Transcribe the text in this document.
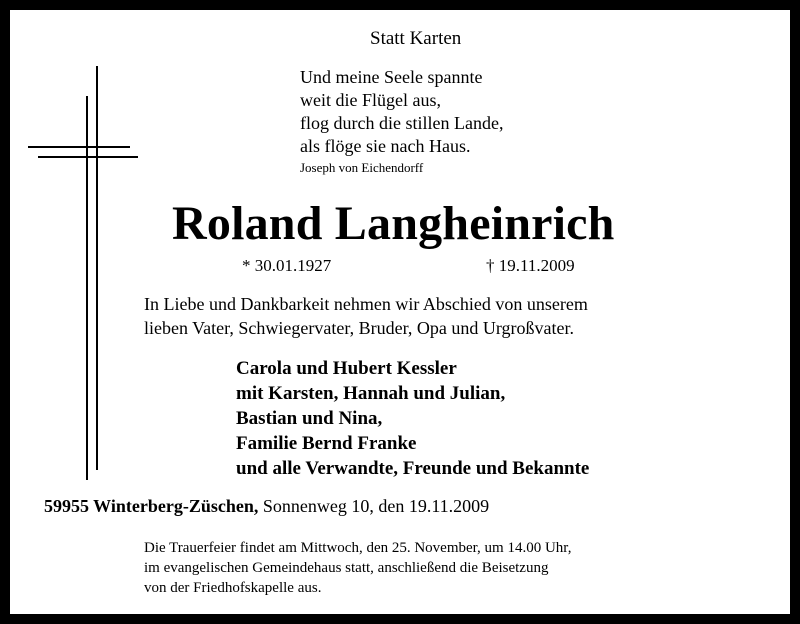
Statt Karten
Und meine Seele spannte
weit die Flügel aus,
flog durch die stillen Lande,
als flöge sie nach Haus.
Joseph von Eichendorff
Roland Langheinrich
* 30.01.1927	† 19.11.2009
In Liebe und Dankbarkeit nehmen wir Abschied von unserem
lieben Vater, Schwiegervater, Bruder, Opa und Urgroßvater.
Carola und Hubert Kessler
mit Karsten, Hannah und Julian,
Bastian und Nina,
Familie Bernd Franke
und alle Verwandte, Freunde und Bekannte
59955 Winterberg-Züschen, Sonnenweg 10, den 19.11.2009
Die Trauerfeier findet am Mittwoch, den 25. November, um 14.00 Uhr,
im evangelischen Gemeindehaus statt, anschließend die Beisetzung
von der Friedhofskapelle aus.
